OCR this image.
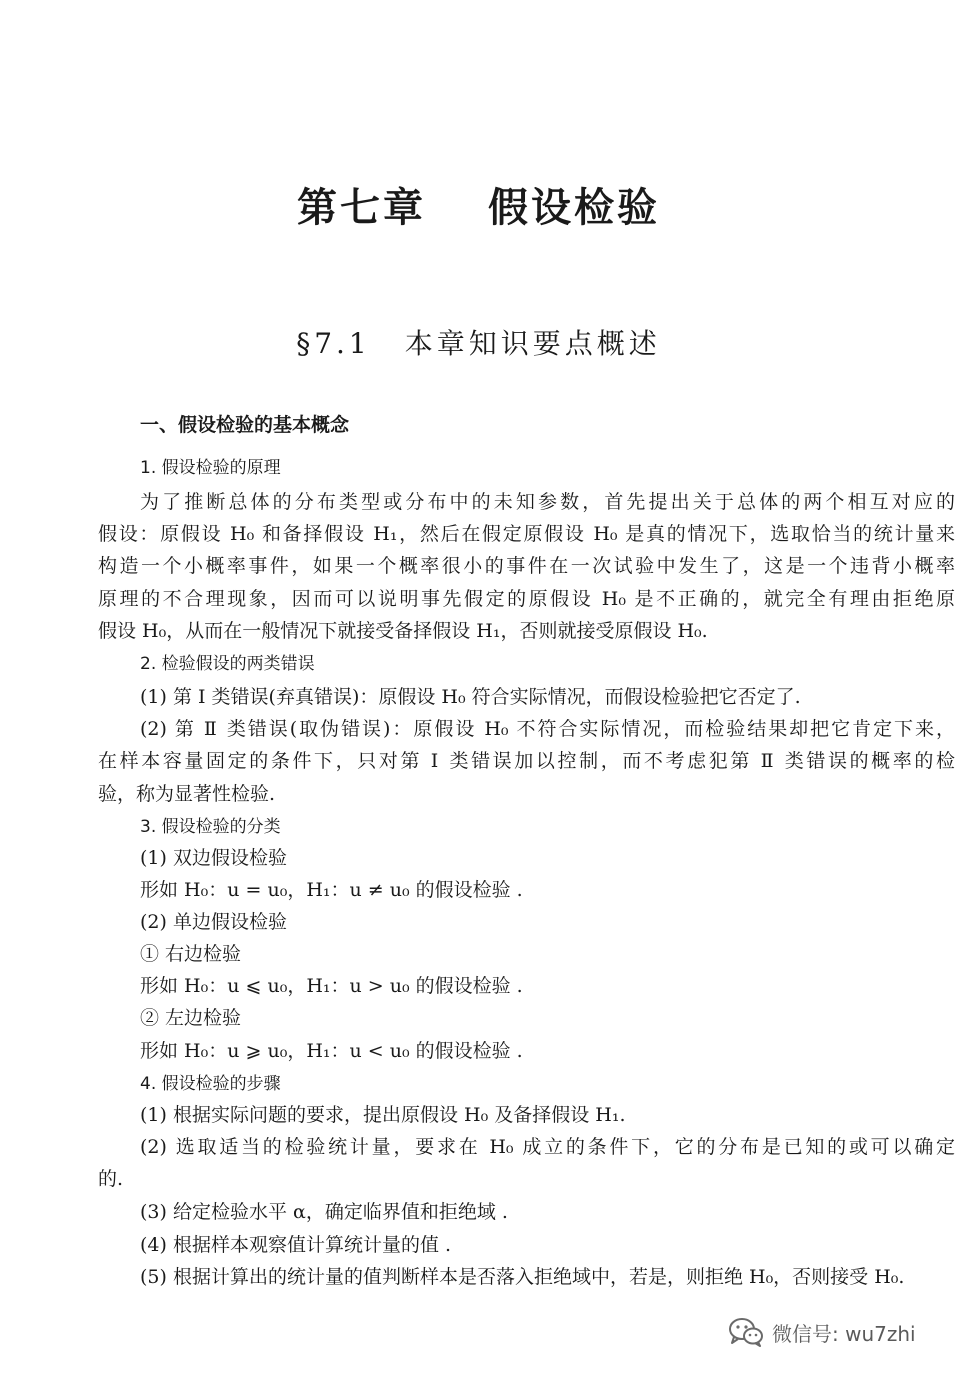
第七章 假设检验
§7.1 本章知识要点概述
一、假设检验的基本概念
1. 假设检验的原理
为了推断总体的分布类型或分布中的未知参数，首先提出关于总体的两个相互对应的
假设：原假设 H₀ 和备择假设 H₁，然后在假定原假设 H₀ 是真的情况下，选取恰当的统计量来
构造一个小概率事件，如果一个概率很小的事件在一次试验中发生了，这是一个违背小概率
原理的不合理现象，因而可以说明事先假定的原假设 H₀ 是不正确的，就完全有理由拒绝原
假设 H₀，从而在一般情况下就接受备择假设 H₁，否则就接受原假设 H₀.
2. 检验假设的两类错误
(1) 第 Ⅰ 类错误(弃真错误)：原假设 H₀ 符合实际情况，而假设检验把它否定了.
(2) 第 Ⅱ 类错误(取伪错误)：原假设 H₀ 不符合实际情况，而检验结果却把它肯定下来，
在样本容量固定的条件下，只对第 Ⅰ 类错误加以控制，而不考虑犯第 Ⅱ 类错误的概率的检
验，称为显著性检验.
3. 假设检验的分类
(1) 双边假设检验
形如 H₀：u = u₀，H₁：u ≠ u₀ 的假设检验 .
(2) 单边假设检验
① 右边检验
形如 H₀：u ⩽ u₀，H₁：u > u₀ 的假设检验 .
② 左边检验
形如 H₀：u ⩾ u₀，H₁：u < u₀ 的假设检验 .
4. 假设检验的步骤
(1) 根据实际问题的要求，提出原假设 H₀ 及备择假设 H₁.
(2) 选取适当的检验统计量，要求在 H₀ 成立的条件下，它的分布是已知的或可以确定
的.
(3) 给定检验水平 α，确定临界值和拒绝域 .
(4) 根据样本观察值计算统计量的值 .
(5) 根据计算出的统计量的值判断样本是否落入拒绝域中，若是，则拒绝 H₀，否则接受 H₀.
微信号: wu7zhi
